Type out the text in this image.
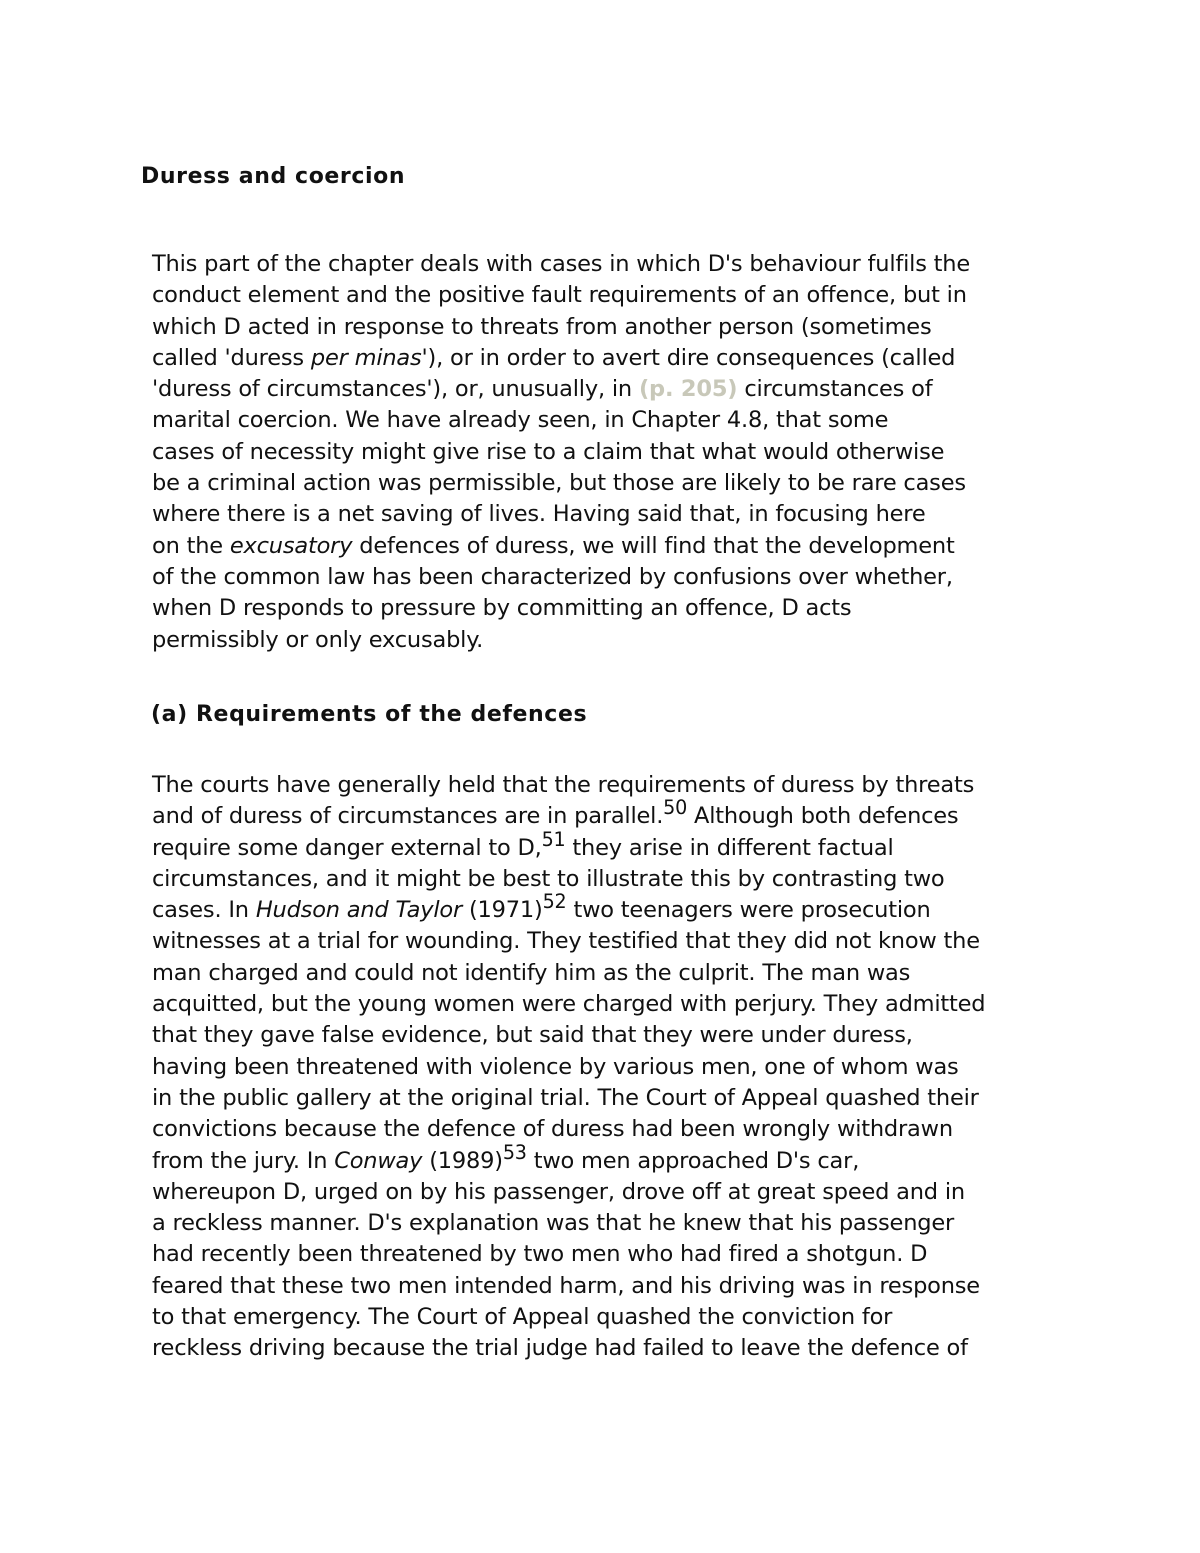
Duress and coercion
This part of the chapter deals with cases in which D's behaviour fulfils the
conduct element and the positive fault requirements of an offence, but in
which D acted in response to threats from another person (sometimes
called 'duress per minas'), or in order to avert dire consequences (called
'duress of circumstances'), or, unusually, in (p. 205) circumstances of
marital coercion. We have already seen, in Chapter 4.8, that some
cases of necessity might give rise to a claim that what would otherwise
be a criminal action was permissible, but those are likely to be rare cases
where there is a net saving of lives. Having said that, in focusing here
on the excusatory defences of duress, we will find that the development
of the common law has been characterized by confusions over whether,
when D responds to pressure by committing an offence, D acts
permissibly or only excusably.
(a) Requirements of the defences
The courts have generally held that the requirements of duress by threats
and of duress of circumstances are in parallel.$^{50}$ Although both defences
require some danger external to D,$^{51}$ they arise in different factual
circumstances, and it might be best to illustrate this by contrasting two
cases. In Hudson and Taylor $(1971)^{52}$ two teenagers were prosecution
witnesses at a trial for wounding. They testified that they did not know the
man charged and could not identify him as the culprit. The man was
acquitted, but the young women were charged with perjury. They admitted
that they gave false evidence, but said that they were under duress,
having been threatened with violence by various men, one of whom was
in the public gallery at the original trial. The Court of Appeal quashed their
convictions because the defence of duress had been wrongly withdrawn
from the jury. In Conway $(1989)^{53}$ two men approached D's car,
whereupon D, urged on by his passenger, drove off at great speed and in
a reckless manner. D's explanation was that he knew that his passenger
had recently been threatened by two men who had fired a shotgun. D
feared that these two men intended harm, and his driving was in response
to that emergency. The Court of Appeal quashed the conviction for
reckless driving because the trial judge had failed to leave the defence of
